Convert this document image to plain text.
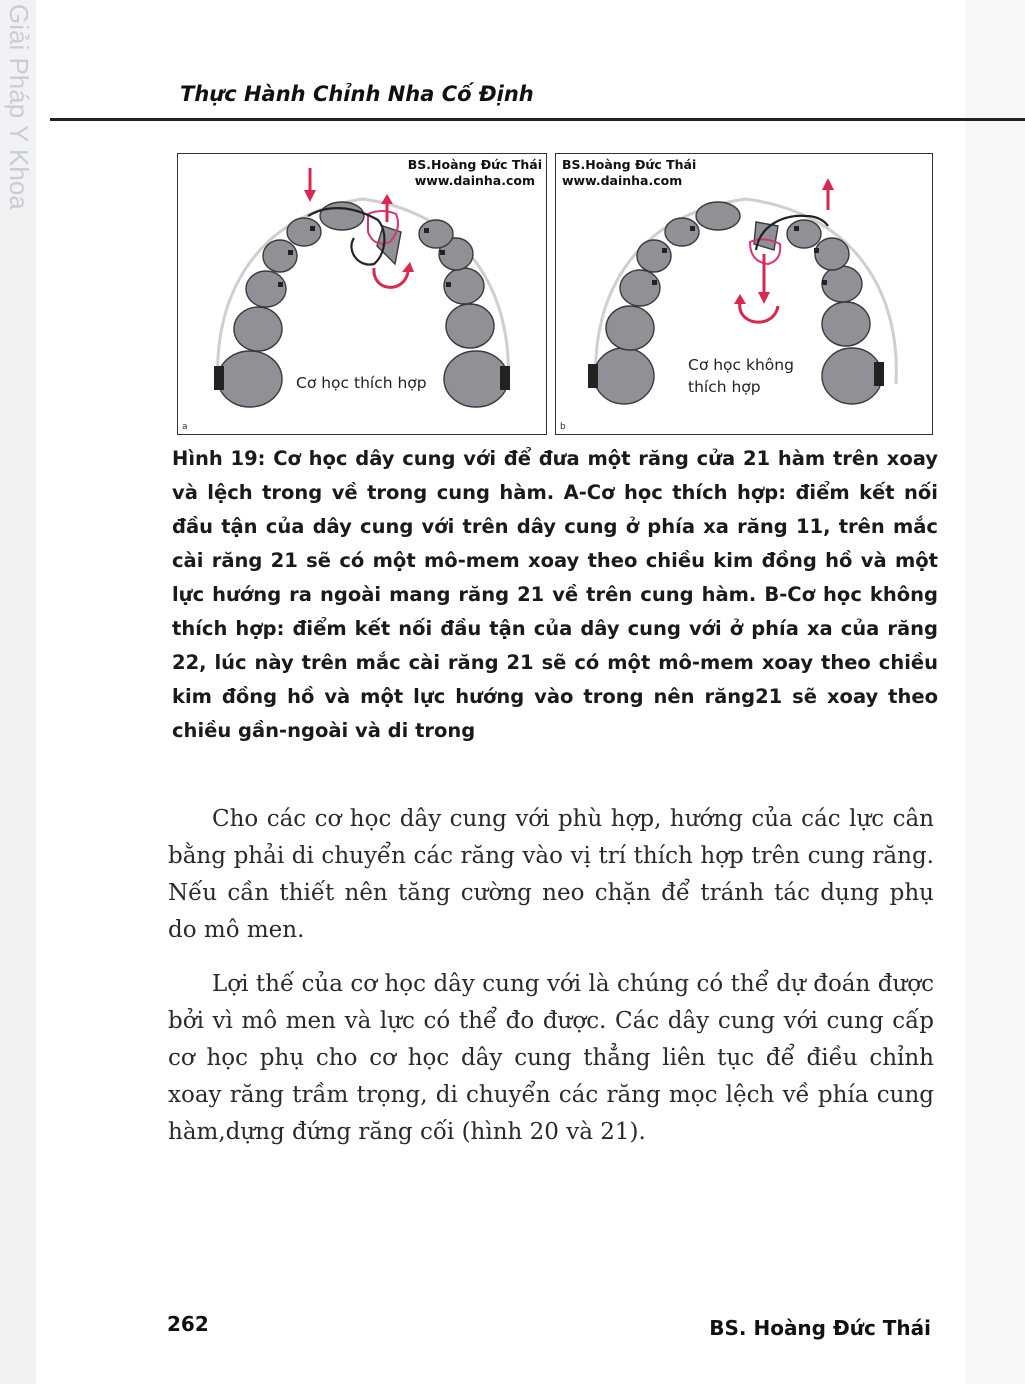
Giải Pháp Y Khoa	Thực Hành Chỉnh Nha Cố Định
BS.Hoàng Đức Thái
www.dainha.com
Cơ học thích hợp
a
BS.Hoàng Đức Thái
www.dainha.com
Cơ học không
thích hợp
b
Hình 19: Cơ học dây cung với để đưa một răng cửa 21 hàm trên xoay và lệch trong về trong cung hàm. A-Cơ học thích hợp: điểm kết nối đầu tận của dây cung với trên dây cung ở phía xa răng 11, trên mắc cài răng 21 sẽ có một mô-mem xoay theo chiều kim đồng hồ và một lực hướng ra ngoài mang răng 21 về trên cung hàm. B-Cơ học không thích hợp: điểm kết nối đầu tận của dây cung với ở phía xa của răng 22, lúc này trên mắc cài răng 21 sẽ có một mô-mem xoay theo chiều kim đồng hồ và một lực hướng vào trong nên răng21 sẽ xoay theo chiều gần-ngoài và di trong

Cho các cơ học dây cung với phù hợp, hướng của các lực cân bằng phải di chuyển các răng vào vị trí thích hợp trên cung răng. Nếu cần thiết nên tăng cường neo chặn để tránh tác dụng phụ do mô men.

Lợi thế của cơ học dây cung với là chúng có thể dự đoán được bởi vì mô men và lực có thể đo được. Các dây cung với cung cấp cơ học phụ cho cơ học dây cung thẳng liên tục để điều chỉnh xoay răng trầm trọng, di chuyển các răng mọc lệch về phía cung hàm,dựng đứng răng cối (hình 20 và 21).

262	BS. Hoàng Đức Thái
